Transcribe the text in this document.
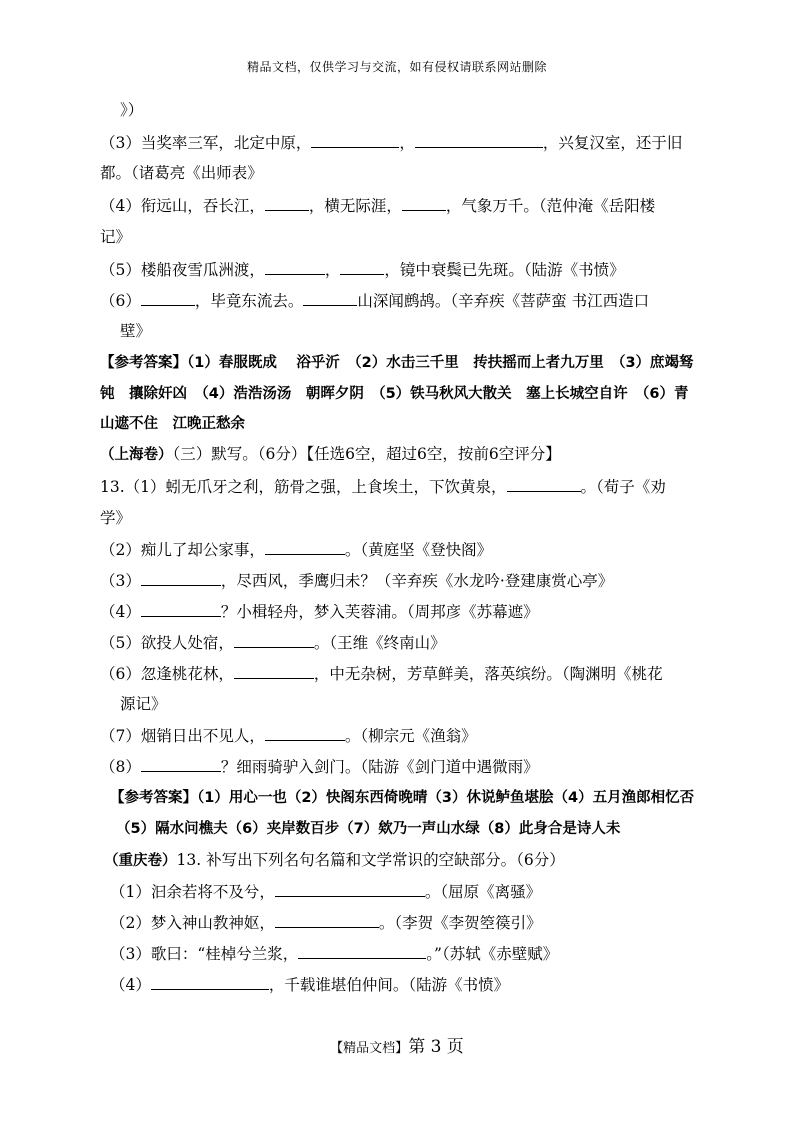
精品文档，仅供学习与交流，如有侵权请联系网站删除
》）
（3）当奖率三军，北定中原，	，	，兴复汉室，还于旧
都。（诸葛亮《出师表》
（4）衔远山，吞长江，	，横无际涯，	，气象万千。（范仲淹《岳阳楼
记》
（5）楼船夜雪瓜洲渡，	，	，镜中衰鬓已先斑。（陆游《书愤》
（6）	，毕竟东流去。	山深闻鹧鸪。（辛弃疾《菩萨蛮 书江西造口
壁》
【参考答案】（1）春服既成　 浴乎沂　（2）水击三千里　抟扶摇而上者九万里　（3）庶竭驽
钝　攘除奸凶　（4）浩浩汤汤　朝晖夕阴　（5）铁马秋风大散关　塞上长城空自许　（6）青
山遮不住　江晚正愁余
（上海卷）（三）默写。（6分）【任选6空，超过6空，按前6空评分】
13.（1）蚓无爪牙之利，筋骨之强，上食埃土，下饮黄泉，	。（荀子《劝
学》
（2）痴儿了却公家事，	。（黄庭坚《登快阁》
（3）	，尽西风，季鹰归未？（辛弃疾《水龙吟·登建康赏心亭》
（4）	？小楫轻舟，梦入芙蓉浦。（周邦彦《苏幕遮》
（5）欲投人处宿，	。（王维《终南山》
（6）忽逢桃花林，	，中无杂树，芳草鲜美，落英缤纷。（陶渊明《桃花
源记》
（7）烟销日出不见人，	。（柳宗元《渔翁》
（8）	？细雨骑驴入剑门。（陆游《剑门道中遇微雨》
【参考答案】（1）用心一也（2）快阁东西倚晚晴（3）休说鲈鱼堪脍（4）五月渔郎相忆否
（5）隔水问樵夫（6）夹岸数百步（7）欸乃一声山水绿（8）此身合是诗人未
（重庆卷）13. 补写出下列名句名篇和文学常识的空缺部分。（6分）
（1）汩余若将不及兮，	。（屈原《离骚》
（2）梦入神山教神妪，	。（李贺《李贺箜篌引》
（3）歌曰：“桂棹兮兰浆，	。”（苏轼《赤壁赋》
（4）	，千载谁堪伯仲间。（陆游《书愤》
【精品文档】第 3 页
